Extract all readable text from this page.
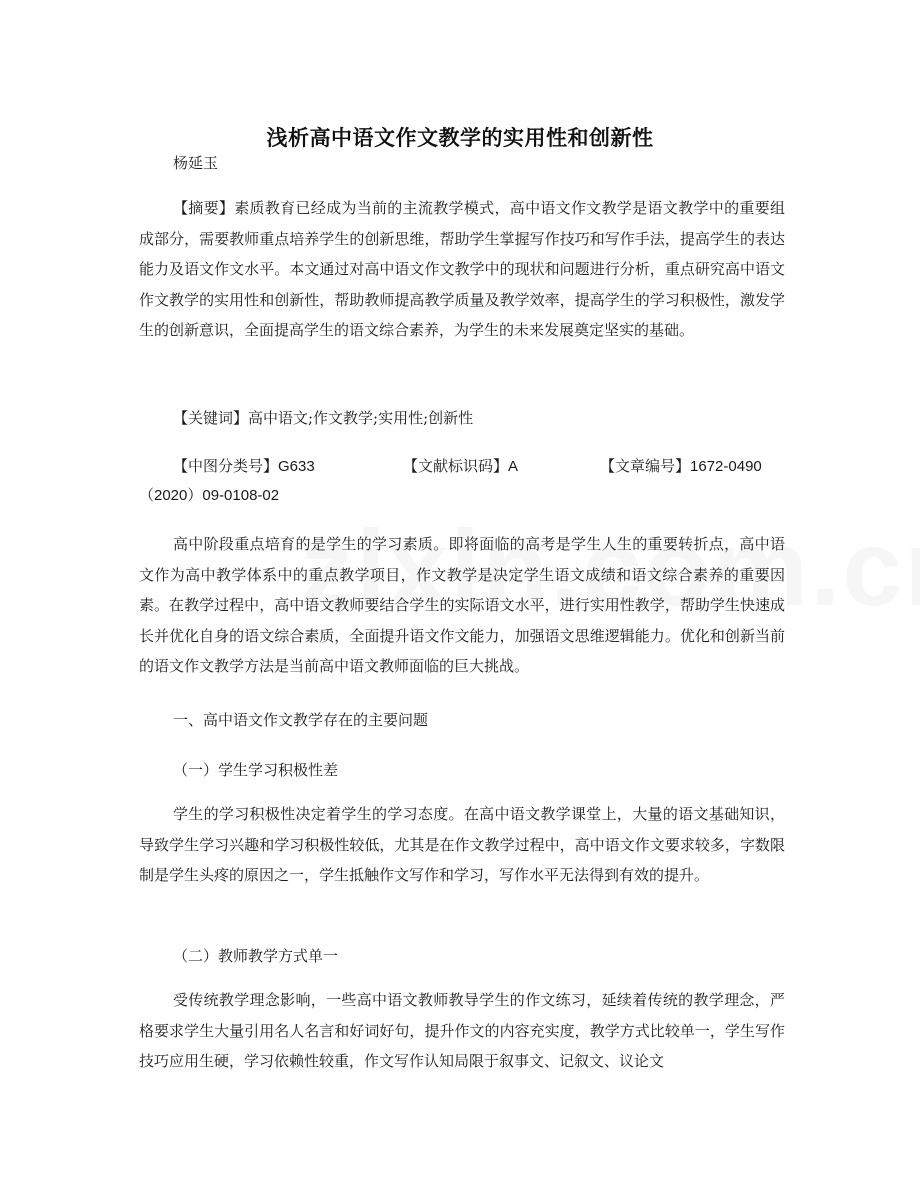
浅析高中语文作文教学的实用性和创新性
杨延玉

【摘要】素质教育已经成为当前的主流教学模式，高中语文作文教学是语文教学中的重要组成部分，需要教师重点培养学生的创新思维，帮助学生掌握写作技巧和写作手法，提高学生的表达能力及语文作文水平。本文通过对高中语文作文教学中的现状和问题进行分析，重点研究高中语文作文教学的实用性和创新性，帮助教师提高教学质量及教学效率，提高学生的学习积极性，激发学生的创新意识，全面提高学生的语文综合素养，为学生的未来发展奠定坚实的基础。

【关键词】高中语文;作文教学;实用性;创新性

【中图分类号】G633	【文献标识码】A	【文章编号】1672-0490
（2020）09-0108-02

高中阶段重点培育的是学生的学习素质。即将面临的高考是学生人生的重要转折点，高中语文作为高中教学体系中的重点教学项目，作文教学是决定学生语文成绩和语文综合素养的重要因素。在教学过程中，高中语文教师要结合学生的实际语文水平，进行实用性教学，帮助学生快速成长并优化自身的语文综合素质，全面提升语文作文能力，加强语文思维逻辑能力。优化和创新当前的语文作文教学方法是当前高中语文教师面临的巨大挑战。

一、高中语文作文教学存在的主要问题
（一）学生学习积极性差

学生的学习积极性决定着学生的学习态度。在高中语文教学课堂上，大量的语文基础知识，导致学生学习兴趣和学习积极性较低，尤其是在作文教学过程中，高中语文作文要求较多，字数限制是学生头疼的原因之一，学生抵触作文写作和学习，写作水平无法得到有效的提升。

（二）教师教学方式单一

受传统教学理念影响，一些高中语文教师教导学生的作文练习，延续着传统的教学理念，严格要求学生大量引用名人名言和好词好句，提升作文的内容充实度，教学方式比较单一，学生写作技巧应用生硬，学习依赖性较重，作文写作认知局限于叙事文、记叙文、议论文
